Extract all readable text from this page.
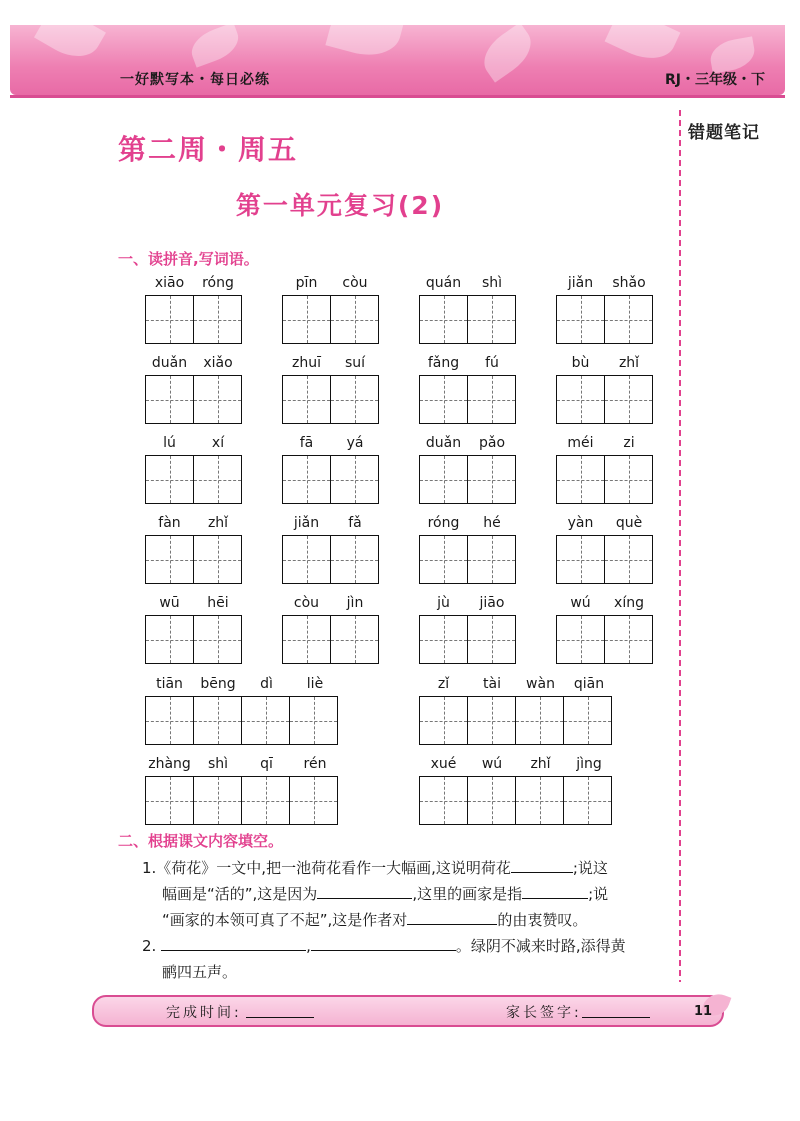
一好默写本・每日必练	RJ・三年级・下
错题笔记
第二周・周五
第一单元复习(2)
一、读拼音,写词语。
xiāo	róng	pīn	còu	quán	shì	jiǎn	shǎo
duǎn	xiǎo	zhuī	suí	fǎng	fú	bù	zhǐ
lú	xí	fā	yá	duǎn	pǎo	méi	zi
fàn	zhǐ	jiǎn	fǎ	róng	hé	yàn	què
wū	hēi	còu	jìn	jù	jiāo	wú	xíng
tiān	bēng	dì	liè	zǐ	tài	wàn	qiān
zhàng	shì	qī	rén	xué	wú	zhǐ	jìng
二、根据课文内容填空。
1.《荷花》一文中,把一池荷花看作一大幅画,这说明荷花	;说这
幅画是“活的”,这是因为	,这里的画家是指	;说
“画家的本领可真了不起”,这是作者对	的由衷赞叹。
2.	,	。绿阴不减来时路,添得黄
鹂四五声。
完成时间:	家长签字:	11
